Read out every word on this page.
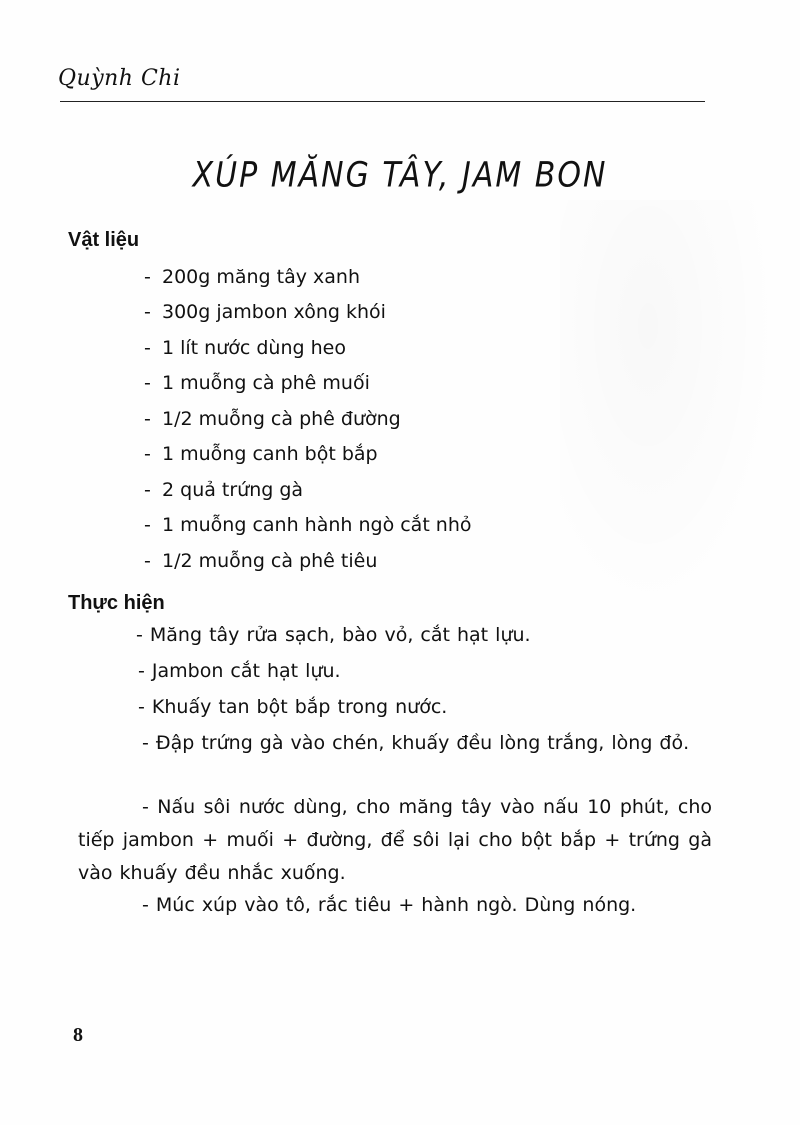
Quỳnh Chi
XÚP MĂNG TÂY, JAM BON
Vật liệu
- 200g măng tây xanh
- 300g jambon xông khói
- 1 lít nước dùng heo
- 1 muỗng cà phê muối
- 1/2 muỗng cà phê đường
- 1 muỗng canh bột bắp
- 2 quả trứng gà
- 1 muỗng canh hành ngò cắt nhỏ
- 1/2 muỗng cà phê tiêu
Thực hiện
- Măng tây rửa sạch, bào vỏ, cắt hạt lựu.
- Jambon cắt hạt lựu.
- Khuấy tan bột bắp trong nước.
- Đập trứng gà vào chén, khuấy đều lòng trắng, lòng đỏ.
- Nấu sôi nước dùng, cho măng tây vào nấu 10 phút, cho tiếp jambon + muối + đường, để sôi lại cho bột bắp + trứng gà vào khuấy đều nhắc xuống.
- Múc xúp vào tô, rắc tiêu + hành ngò. Dùng nóng.
8
